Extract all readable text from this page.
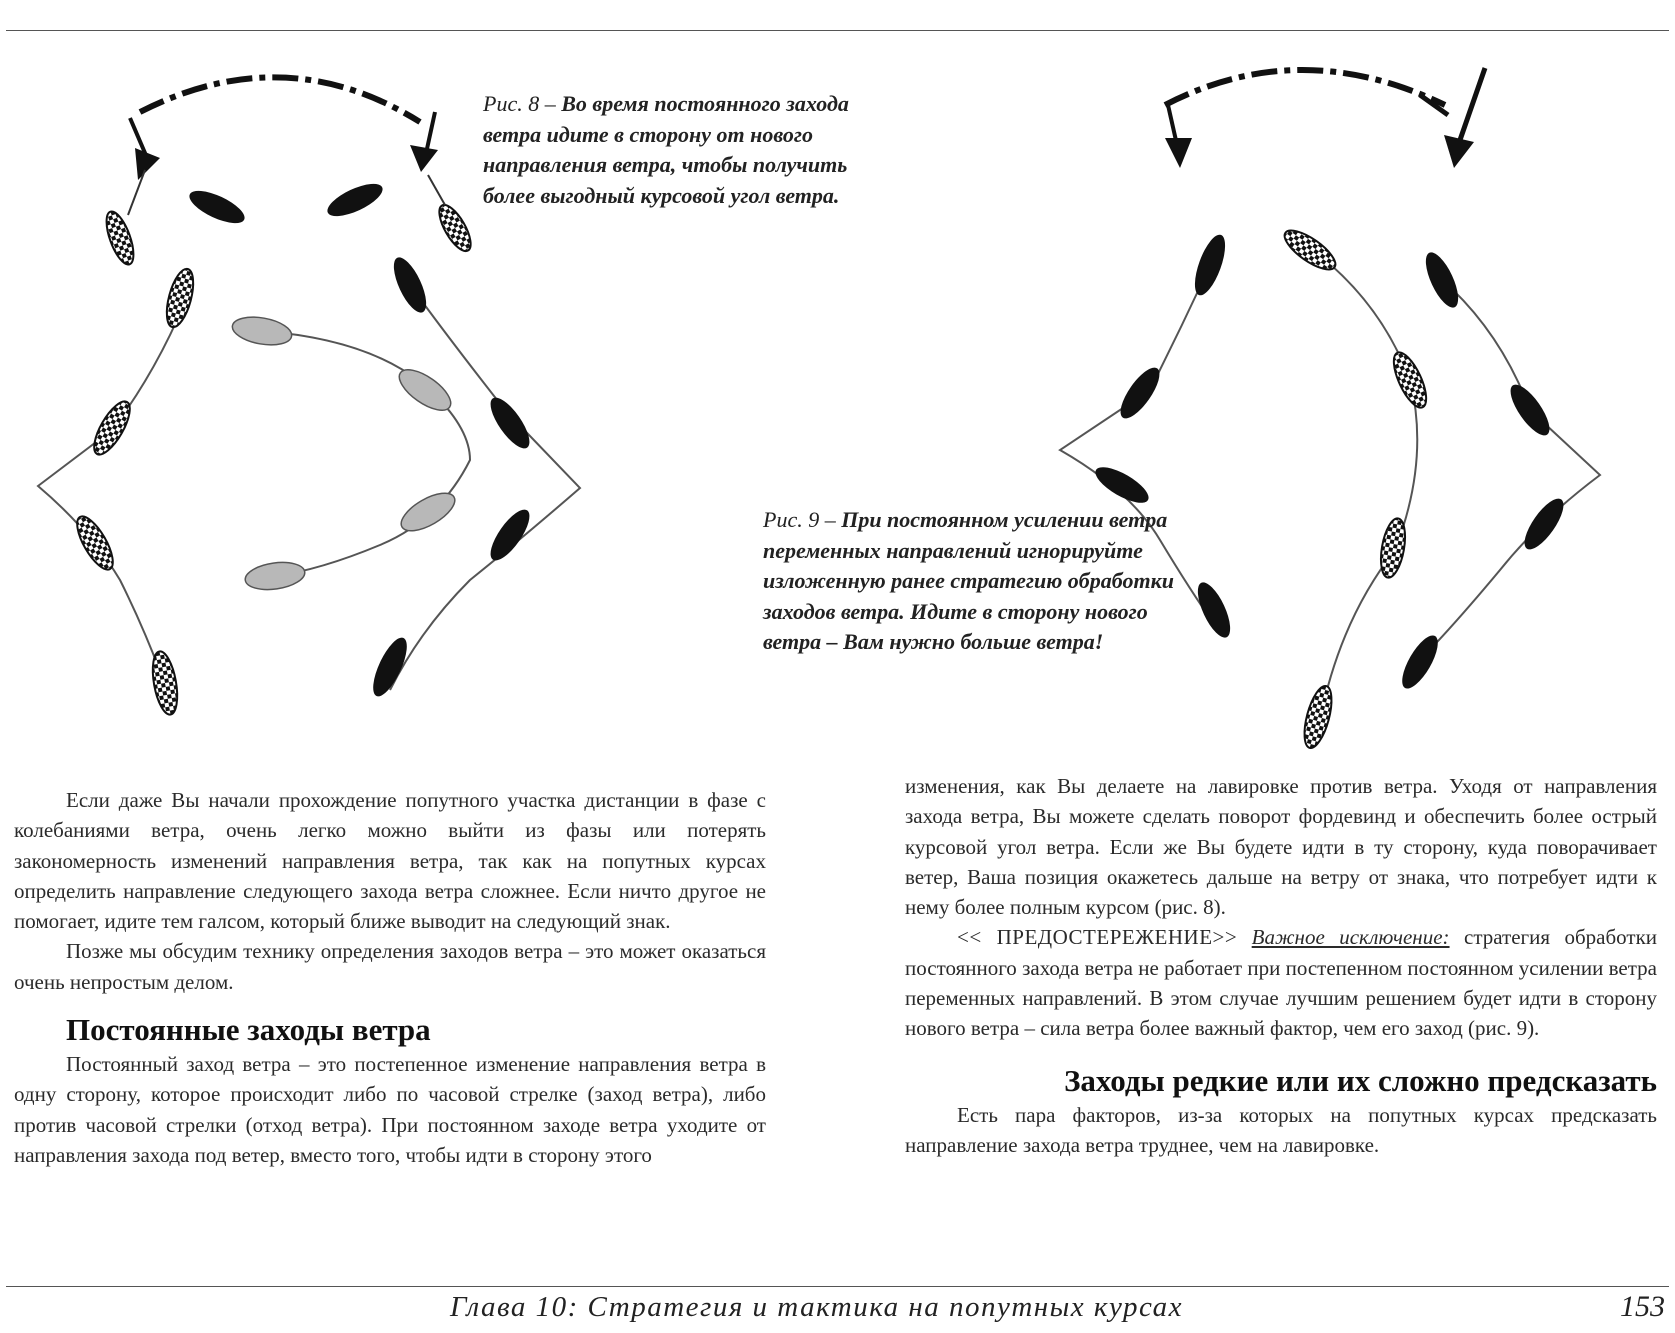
Рис. 8 – Во время постоянного захода ветра идите в сторону от нового направления ветра, чтобы получить более выгодный курсовой угол ветра.
Рис. 9 – При постоянном усилении ветра переменных направлений игнорируйте изложенную ранее стратегию обработки заходов ветра. Идите в сторону нового ветра – Вам нужно больше ветра!

Если даже Вы начали прохождение попутного участка дистанции в фазе с колебаниями ветра, очень легко можно выйти из фазы или потерять закономерность изменений направления ветра, так как на попутных курсах определить направление следующего захода ветра сложнее. Если ничто другое не помогает, идите тем галсом, который ближе выводит на следующий знак.

Позже мы обсудим технику определения заходов ветра – это может оказаться очень непростым делом.

Постоянные заходы ветра

Постоянный заход ветра – это постепенное изменение направления ветра в одну сторону, которое происходит либо по часовой стрелке (заход ветра), либо против часовой стрелки (отход ветра). При постоянном заходе ветра уходите от направления захода под ветер, вместо того, чтобы идти в сторону этого

изменения, как Вы делаете на лавировке против ветра. Уходя от направления захода ветра, Вы можете сделать поворот фордевинд и обеспечить более острый курсовой угол ветра. Если же Вы будете идти в ту сторону, куда поворачивает ветер, Ваша позиция окажетесь дальше на ветру от знака, что потребует идти к нему более полным курсом (рис. 8).

<< ПРЕДОСТЕРЕЖЕНИЕ>> Важное исключение: стратегия обработки постоянного захода ветра не работает при постепенном постоянном усилении ветра переменных направлений. В этом случае лучшим решением будет идти в сторону нового ветра – сила ветра более важный фактор, чем его заход (рис. 9).

Заходы редкие или их сложно предсказать

Есть пара факторов, из-за которых на попутных курсах предсказать направление захода ветра труднее, чем на лавировке.

Глава 10: Стратегия и тактика на попутных курсах	153
